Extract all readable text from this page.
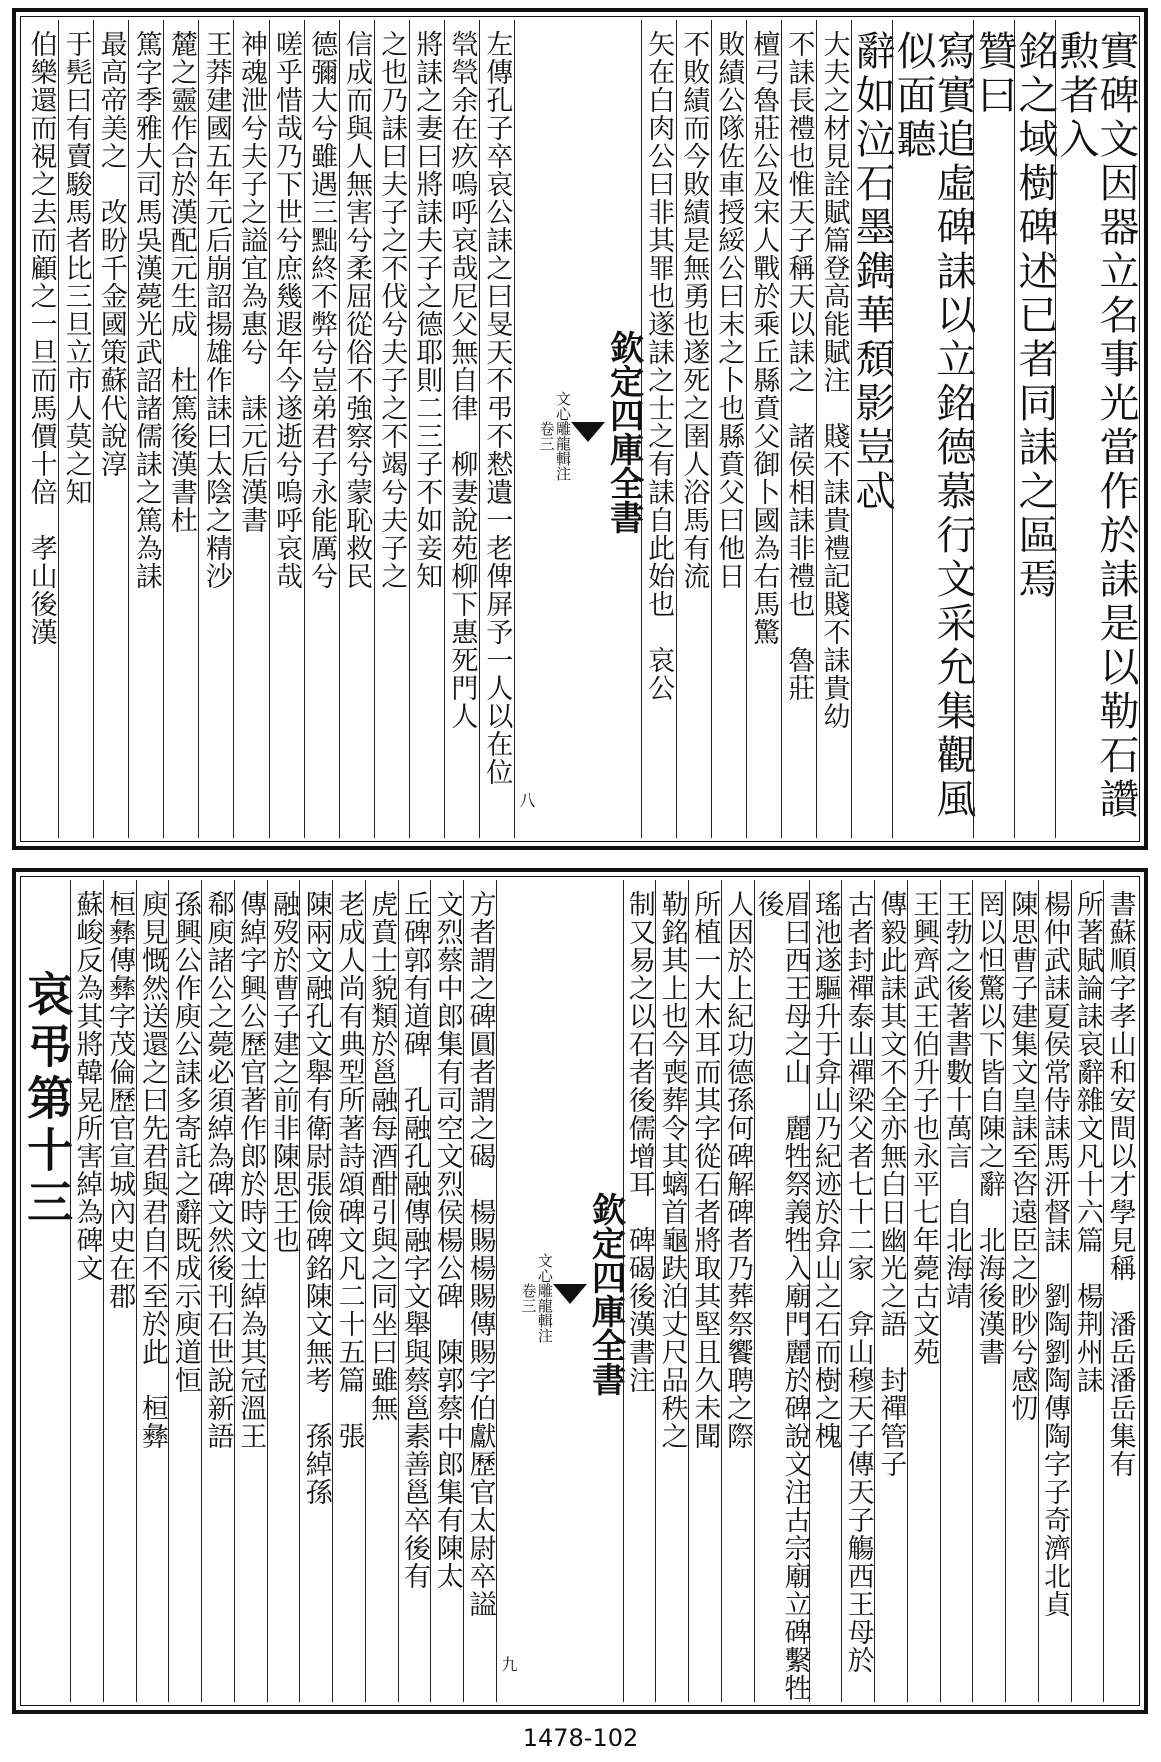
實碑文因器立名事光當作於誄是以勒石讚勲者入
銘之域樹碑述已者同誄之區焉
贊曰
寫實追虛碑誄以立銘德慕行文采允集觀風似面聽
辭如泣石墨鐫華頹影豈忒
大夫之材見詮賦篇登高能賦注　賤不誄貴禮記賤不誄貴幼
不誄長禮也惟天子稱天以誄之　諸侯相誄非禮也　魯莊
檀弓魯莊公及宋人戰於乘丘縣賁父御卜國為右馬驚
敗績公隊佐車授綏公曰末之卜也縣賁父曰他日
不敗績而今敗績是無勇也遂死之圉人浴馬有流
矢在白肉公曰非其罪也遂誄之士之有誄自此始也　哀公
欽定四庫全書
文心雕龍輯注
卷三
八
左傳孔子卒哀公誄之曰旻天不弔不慭遺一老俾屏予一人以在位
煢煢余在疚嗚呼哀哉尼父無自律　柳妻說苑柳下惠死門人
將誄之妻曰將誄夫子之德耶則二三子不如妾知
之也乃誄曰夫子之不伐兮夫子之不竭兮夫子之
信成而與人無害兮柔屈從俗不強察兮蒙恥救民
德彌大兮雖遇三黜終不弊兮豈弟君子永能厲兮
嗟乎惜哉乃下世兮庶幾遐年今遂逝兮嗚呼哀哉
神魂泄兮夫子之謚宜為惠兮　誄元后漢書
王莽建國五年元后崩詔揚雄作誄曰太陰之精沙
麓之靈作合於漢配元生成　杜篤後漢書杜
篤字季雅大司馬吳漢薨光武詔諸儒誄之篤為誄
最高帝美之　改盼千金國策蘇代說淳
于髡曰有賣駿馬者比三旦立市人莫之知
伯樂還而視之去而顧之一旦而馬價十倍　孝山後漢
書蘇順字孝山和安間以才學見稱　潘岳潘岳集有
所著賦論誄哀辭雜文凡十六篇　楊荆州誄
楊仲武誄夏侯常侍誄馬汧督誄　劉陶劉陶傳陶字子奇濟北貞
陳思曹子建集文皇誄至咨遠臣之眇眇兮感忉
罔以怛驚以下皆自陳之辭　北海後漢書
王勃之後著書數十萬言　自北海靖
王興齊武王伯升子也永平七年薨古文苑
傳毅此誄其文不全亦無白日幽光之語　封禪管子
古者封禪泰山禪梁父者七十二家　弇山穆天子傳天子觴西王母於
瑤池遂驅升于弇山乃紀迹於弇山之石而樹之槐
眉曰西王母之山　麗牲祭義牲入廟門麗於碑說文注古宗廟立碑繫牲後
人因於上紀功德孫何碑解碑者乃葬祭饗聘之際
所植一大木耳而其字從石者將取其堅且久未聞
勒銘其上也今喪葬令其螭首龜趺泊丈尺品秩之
制又易之以石者後儒增耳　碑碣後漢書注
欽定四庫全書
文心雕龍輯注
卷三
九
方者謂之碑圓者謂之碣　楊賜楊賜傳賜字伯獻歷官太尉卒謚
文烈蔡中郎集有司空文烈侯楊公碑　陳郭蔡中郎集有陳太
丘碑郭有道碑　孔融孔融傳融字文舉與蔡邕素善邕卒後有
虎賁士貌類於邕融每酒酣引與之同坐曰雖無
老成人尚有典型所著詩頌碑文凡二十五篇　張
陳兩文融孔文舉有衛尉張儉碑銘陳文無考　孫綽孫
融歿於曹子建之前非陳思王也
傳綽字興公歷官著作郎於時文士綽為其冠溫王
郗庾諸公之薨必須綽為碑文然後刊石世說新語
孫興公作庾公誄多寄託之辭既成示庾道恒
庾見慨然送還之曰先君與君自不至於此　桓彝
桓彝傳彝字茂倫歷官宣城內史在郡
蘇峻反為其將韓晃所害綽為碑文
哀弔第十三
1478-102
